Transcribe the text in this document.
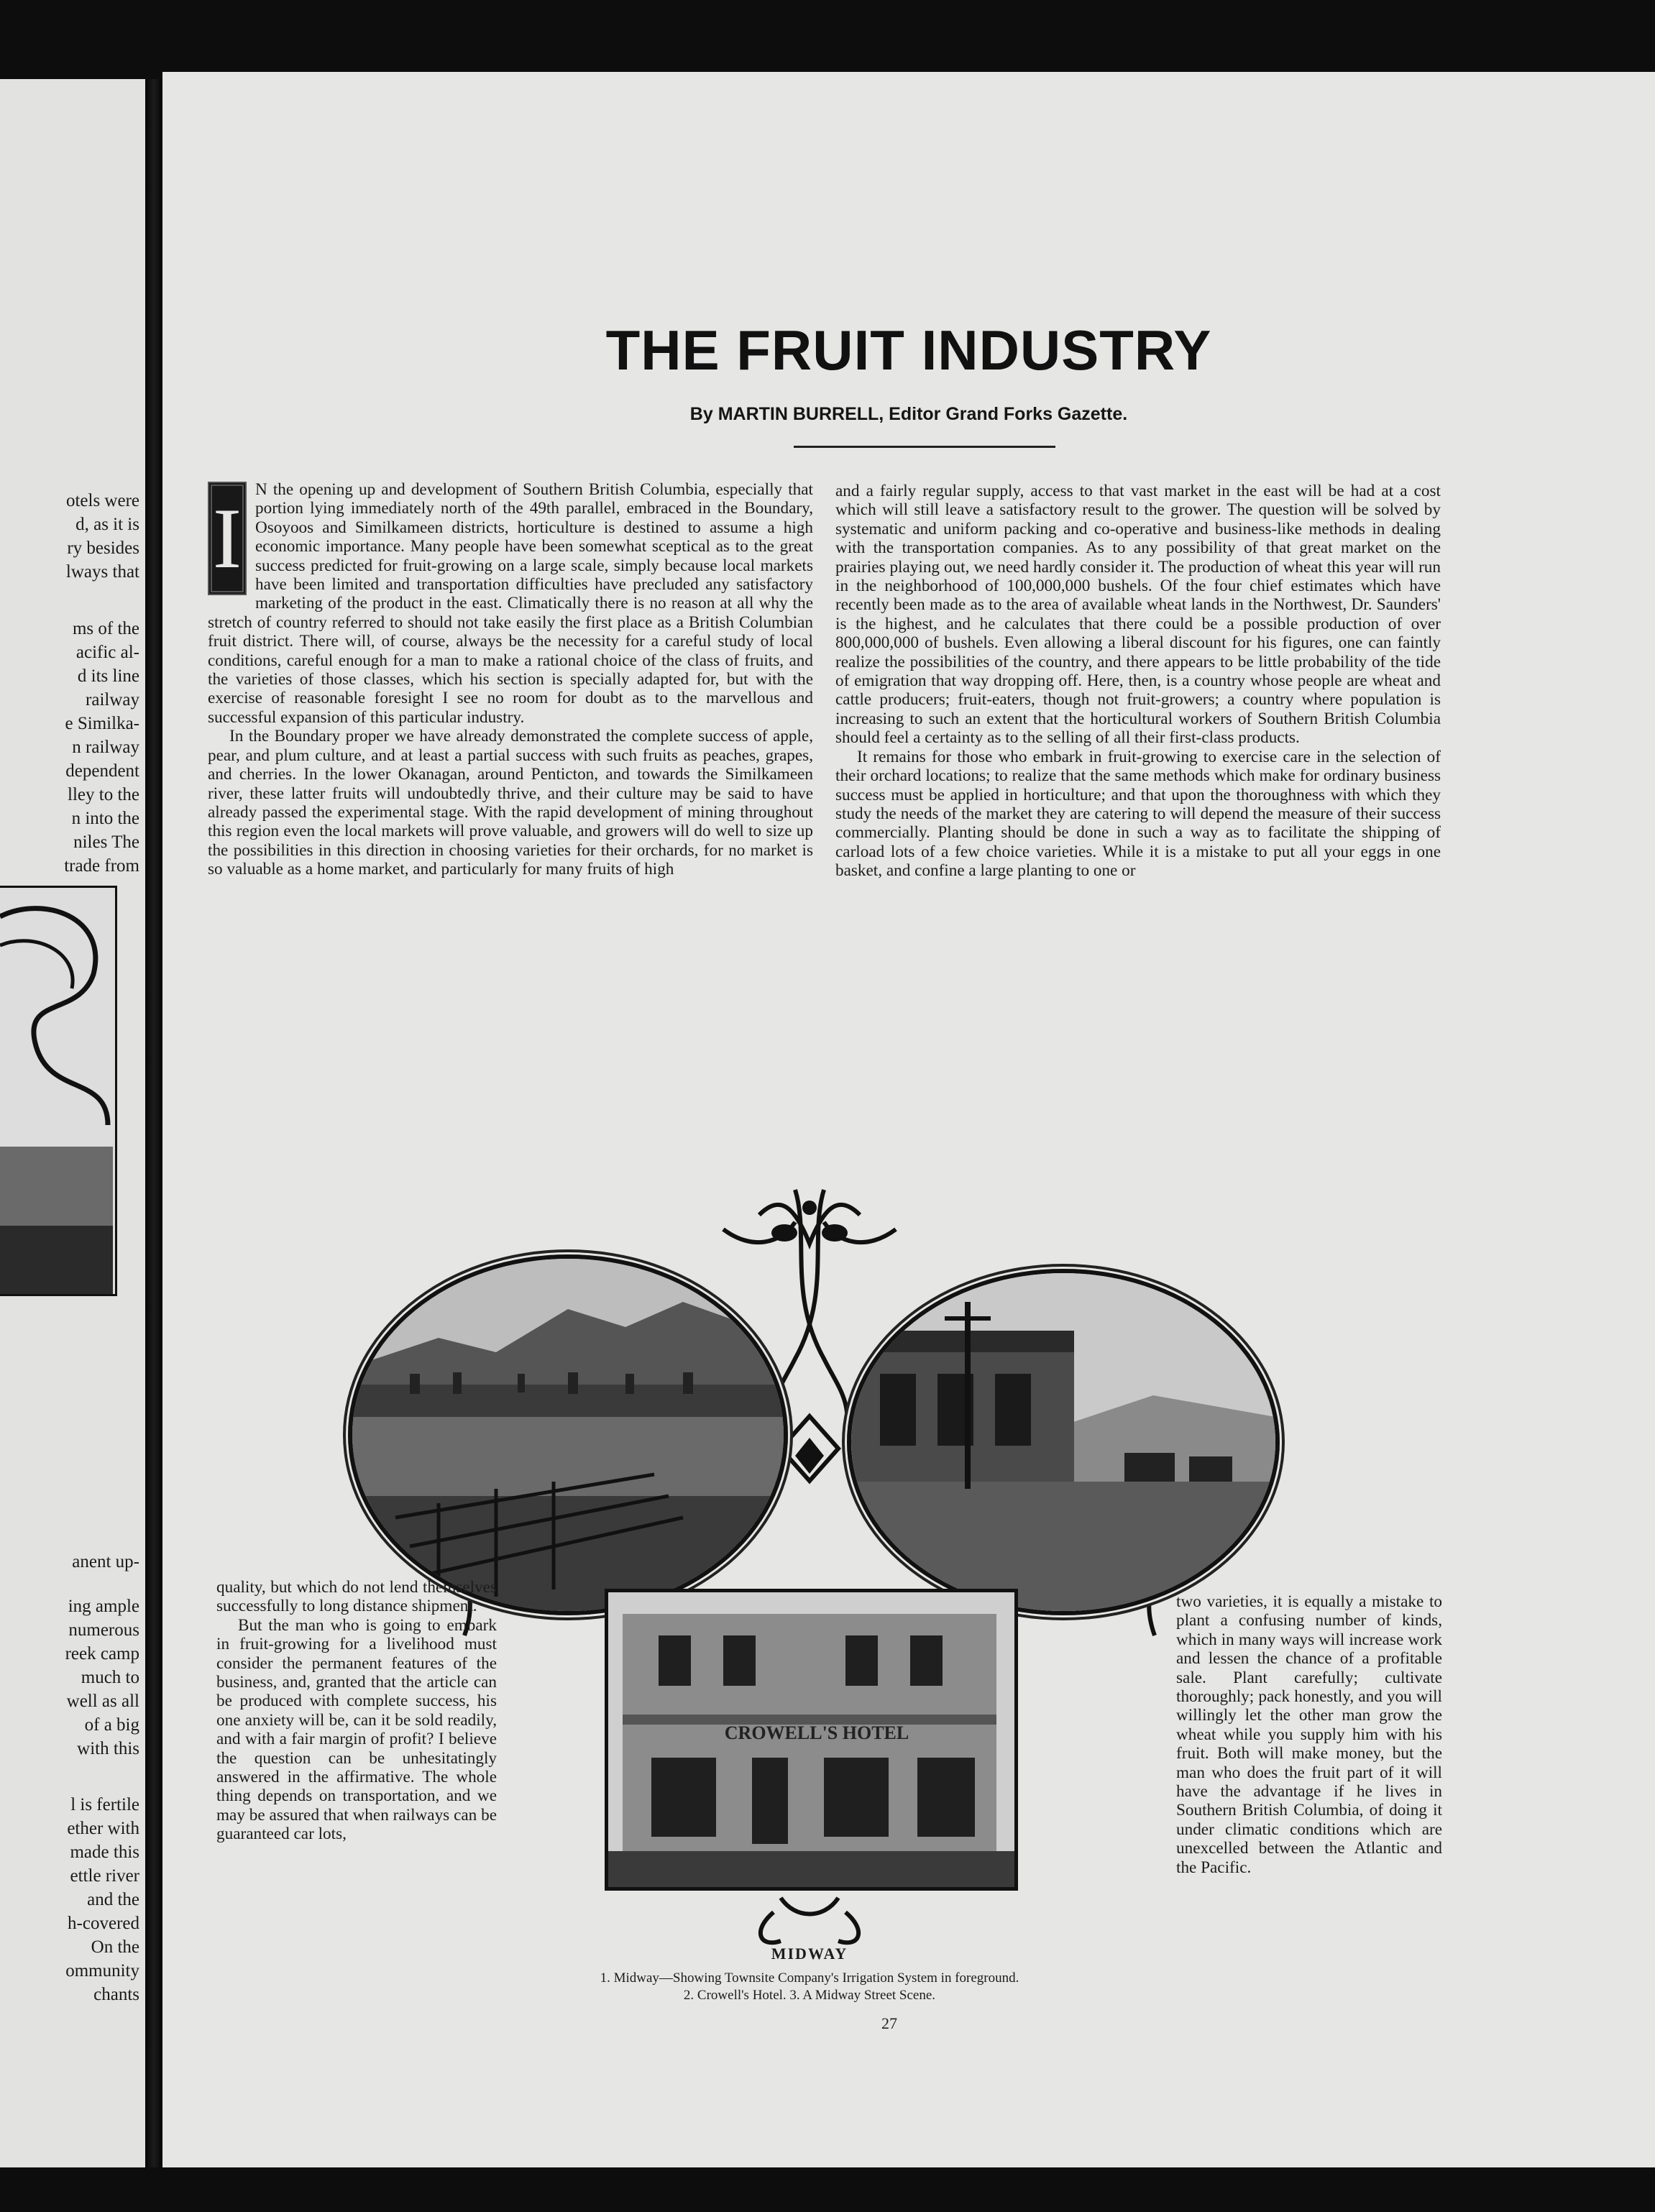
otels were
d, as it is
ry besides
lways that
ms of the
acific al-
d its line
railway
e Similka-
n railway
dependent
lley to the
n into the
niles The
trade from
anent up-
ing ample
numerous
reek camp
much to
well as all
of a big
with this
l is fertile
ether with
made this
ettle river
and the
h-covered
On the
ommunity
chants
THE FRUIT INDUSTRY
By MARTIN BURRELL, Editor Grand Forks Gazette.
I

N the opening up and development of Southern British Columbia, especially that portion lying immediately north of the 49th parallel, embraced in the Boundary, Osoyoos and Similkameen districts, horticulture is destined to assume a high economic importance. Many people have been somewhat sceptical as to the great success predicted for fruit-growing on a large scale, simply because local markets have been limited and transportation difficulties have precluded any satisfactory marketing of the product in the east. Climatically there is no reason at all why the stretch of country referred to should not take easily the first place as a British Columbian fruit district. There will, of course, always be the necessity for a careful study of local conditions, careful enough for a man to make a rational choice of the class of fruits, and the varieties of those classes, which his section is specially adapted for, but with the exercise of reasonable foresight I see no room for doubt as to the marvellous and successful expansion of this particular industry.

In the Boundary proper we have already demonstrated the complete success of apple, pear, and plum culture, and at least a partial success with such fruits as peaches, grapes, and cherries. In the lower Okanagan, around Penticton, and towards the Similkameen river, these latter fruits will undoubtedly thrive, and their culture may be said to have already passed the experimental stage. With the rapid development of mining throughout this region even the local markets will prove valuable, and growers will do well to size up the possibilities in this direction in choosing varieties for their orchards, for no market is so valuable as a home market, and particularly for many fruits of high

and a fairly regular supply, access to that vast market in the east will be had at a cost which will still leave a satisfactory result to the grower. The question will be solved by systematic and uniform packing and co-operative and business-like methods in dealing with the transportation companies. As to any possibility of that great market on the prairies playing out, we need hardly consider it. The production of wheat this year will run in the neighborhood of 100,000,000 bushels. Of the four chief estimates which have recently been made as to the area of available wheat lands in the Northwest, Dr. Saunders' is the highest, and he calculates that there could be a possible production of over 800,000,000 of bushels. Even allowing a liberal discount for his figures, one can faintly realize the possibilities of the country, and there appears to be little probability of the tide of emigration that way dropping off. Here, then, is a country whose people are wheat and cattle producers; fruit-eaters, though not fruit-growers; a country where population is increasing to such an extent that the horticultural workers of Southern British Columbia should feel a certainty as to the selling of all their first-class products.

It remains for those who embark in fruit-growing to exercise care in the selection of their orchard locations; to realize that the same methods which make for ordinary business success must be applied in horticulture; and that upon the thoroughness with which they study the needs of the market they are catering to will depend the measure of their success commercially. Planting should be done in such a way as to facilitate the shipping of carload lots of a few choice varieties. While it is a mistake to put all your eggs in one basket, and confine a large planting to one or

CROWELL'S HOTEL

quality, but which do not lend themselves successfully to long distance shipment.

But the man who is going to embark in fruit-growing for a livelihood must consider the permanent features of the business, and, granted that the article can be produced with complete success, his one anxiety will be, can it be sold readily, and with a fair margin of profit? I believe the question can be unhesitatingly answered in the affirmative. The whole thing depends on transportation, and we may be assured that when railways can be guaranteed car lots,

two varieties, it is equally a mistake to plant a confusing number of kinds, which in many ways will increase work and lessen the chance of a profitable sale. Plant carefully; cultivate thoroughly; pack honestly, and you will willingly let the other man grow the wheat while you supply him with his fruit. Both will make money, but the man who does the fruit part of it will have the advantage if he lives in Southern British Columbia, of doing it under climatic conditions which are unexcelled between the Atlantic and the Pacific.

MIDWAY
1. Midway—Showing Townsite Company's Irrigation System in foreground.
2. Crowell's Hotel. 3. A Midway Street Scene.
27
